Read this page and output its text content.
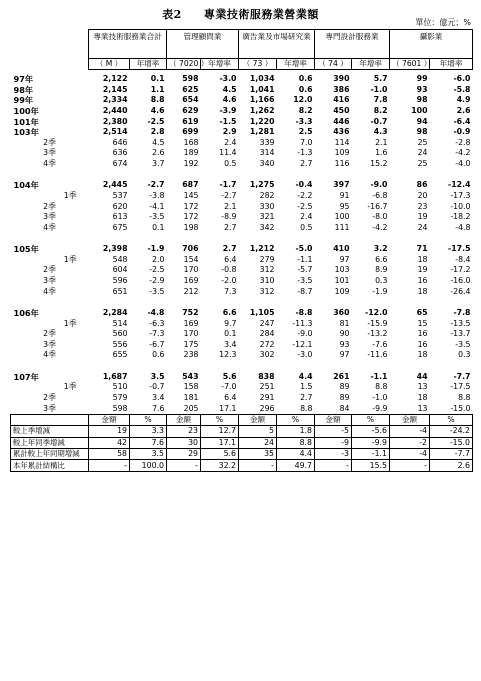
表2 專業技術服務業營業額
單位：億元；%
	專業技術服務業合計		管理顧問業		廣告業及市場研究業		專門設計服務業		攝影業	
	（ M ）	年增率	（ 7020 ）	年增率	（ 73 ）	年增率	（ 74 ）	年增率	（ 7601 ）	年增率

97年	2,122	0.1	598	-3.0	1,034	0.6	390	5.7	99	-6.0
98年	2,145	1.1	625	4.5	1,041	0.6	386	-1.0	93	-5.8
99年	2,334	8.8	654	4.6	1,166	12.0	416	7.8	98	4.9
100年	2,440	4.6	629	-3.9	1,262	8.2	450	8.2	100	2.6
101年	2,380	-2.5	619	-1.5	1,220	-3.3	446	-0.7	94	-6.4
103年	2,514	2.8	699	2.9	1,281	2.5	436	4.3	98	-0.9
2季	646	4.5	168	2.4	339	7.0	114	2.1	25	-2.8
3季	636	2.6	189	11.4	314	-1.3	109	1.6	24	-4.2
4季	674	3.7	192	0.5	340	2.7	116	15.2	25	-4.0

104年	2,445	-2.7	687	-1.7	1,275	-0.4	397	-9.0	86	-12.4
1季	537	-3.8	145	-2.7	282	-2.2	91	-6.8	20	-17.3
2季	620	-4.1	172	2.1	330	-2.5	95	-16.7	23	-10.0
3季	613	-3.5	172	-8.9	321	2.4	100	-8.0	19	-18.2
4季	675	0.1	198	2.7	342	0.5	111	-4.2	24	-4.8

105年	2,398	-1.9	706	2.7	1,212	-5.0	410	3.2	71	-17.5
1季	548	2.0	154	6.4	279	-1.1	97	6.6	18	-8.4
2季	604	-2.5	170	-0.8	312	-5.7	103	8.9	19	-17.2
3季	596	-2.9	169	-2.0	310	-3.5	101	0.3	16	-16.0
4季	651	-3.5	212	7.3	312	-8.7	109	-1.9	18	-26.4

106年	2,284	-4.8	752	6.6	1,105	-8.8	360	-12.0	65	-7.8
1季	514	-6.3	169	9.7	247	-11.3	81	-15.9	15	-13.5
2季	560	-7.3	170	0.1	284	-9.0	90	-13.2	16	-13.7
3季	556	-6.7	175	3.4	272	-12.1	93	-7.6	16	-3.5
4季	655	0.6	238	12.3	302	-3.0	97	-11.6	18	0.3

107年	1,687	3.5	543	5.6	838	4.4	261	-1.1	44	-7.7
1季	510	-0.7	158	-7.0	251	1.5	89	8.8	13	-17.5
2季	579	3.4	181	6.4	291	2.7	89	-1.0	18	8.8
3季	598	7.6	205	17.1	296	8.8	84	-9.9	13	-15.0
	金額	%	金額	%	金額	%	金額	%	金額	%
較上季增減	19	3.3	23	12.7	5	1.8	-5	-5.6	-4	-24.2
較上年同季增減	42	7.6	30	17.1	24	8.8	-9	-9.9	-2	-15.0
累計較上年同期增減	58	3.5	29	5.6	35	4.4	-3	-1.1	-4	-7.7
本年累計結構比	-	100.0	-	32.2	-	49.7	-	15.5	-	2.6
